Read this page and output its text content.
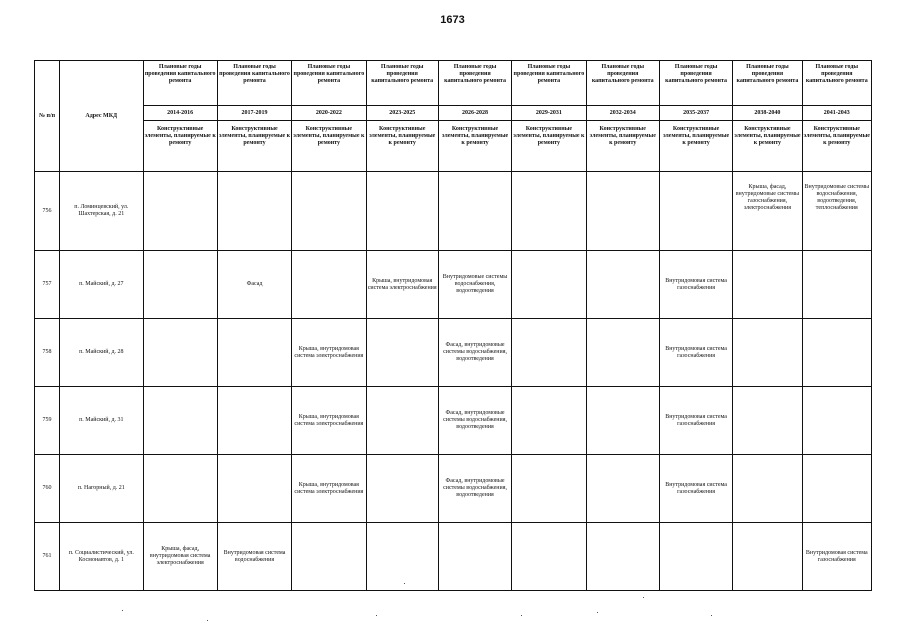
1673
№ п/п	Адрес МКД	Плановые годы проведения капитального ремонта	Плановые годы проведения капитального ремонта	Плановые годы проведения капитального ремонта	Плановые годы проведения капитального ремонта	Плановые годы проведения капитального ремонта	Плановые годы проведения капитального ремонта	Плановые годы проведения капитального ремонта	Плановые годы проведения капитального ремонта	Плановые годы проведения капитального ремонта	Плановые годы проведения капитального ремонта
		2014-2016	2017-2019	2020-2022	2023-2025	2026-2028	2029-2031	2032-2034	2035-2037	2038-2040	2041-2043
		Конструктивные элементы, планируемые к ремонту	Конструктивные элементы, планируемые к ремонту	Конструктивные элементы, планируемые к ремонту	Конструктивные элементы, планируемые к ремонту	Конструктивные элементы, планируемые к ремонту	Конструктивные элементы, планируемые к ремонту	Конструктивные элементы, планируемые к ремонту	Конструктивные элементы, планируемые к ремонту	Конструктивные элементы, планируемые к ремонту	Конструктивные элементы, планируемые к ремонту
756	п. Ломинцевский, ул. Шахтерская, д. 21									Крыша, фасад, внутридомовые системы газоснабжения, электроснабжения	Внутридомовые системы водоснабжения, водоотведения, теплоснабжения
757	п. Майский, д. 27		Фасад		Крыша, внутридомовая система электроснабжения	Внутридомовые системы водоснабжения, водоотведения			Внутридомовая система газоснабжения		
758	п. Майский, д. 28			Крыша, внутридомовая система электроснабжения		Фасад, внутридомовые системы водоснабжения, водоотведения			Внутридомовая система газоснабжения		
759	п. Майский, д. 31			Крыша, внутридомовая система электроснабжения		Фасад, внутридомовые системы водоснабжения, водоотведения			Внутридомовая система газоснабжения		
760	п. Нагорный, д. 21			Крыша, внутридомовая система электроснабжения		Фасад, внутридомовые системы водоснабжения, водоотведения			Внутридомовая система газоснабжения		
761	п. Социалистический, ул. Космонавтов, д. 1	Крыша, фасад, внутридомовая система электроснабжения	Внутридомовая система водоснабжения								Внутридомовая система газоснабжения
